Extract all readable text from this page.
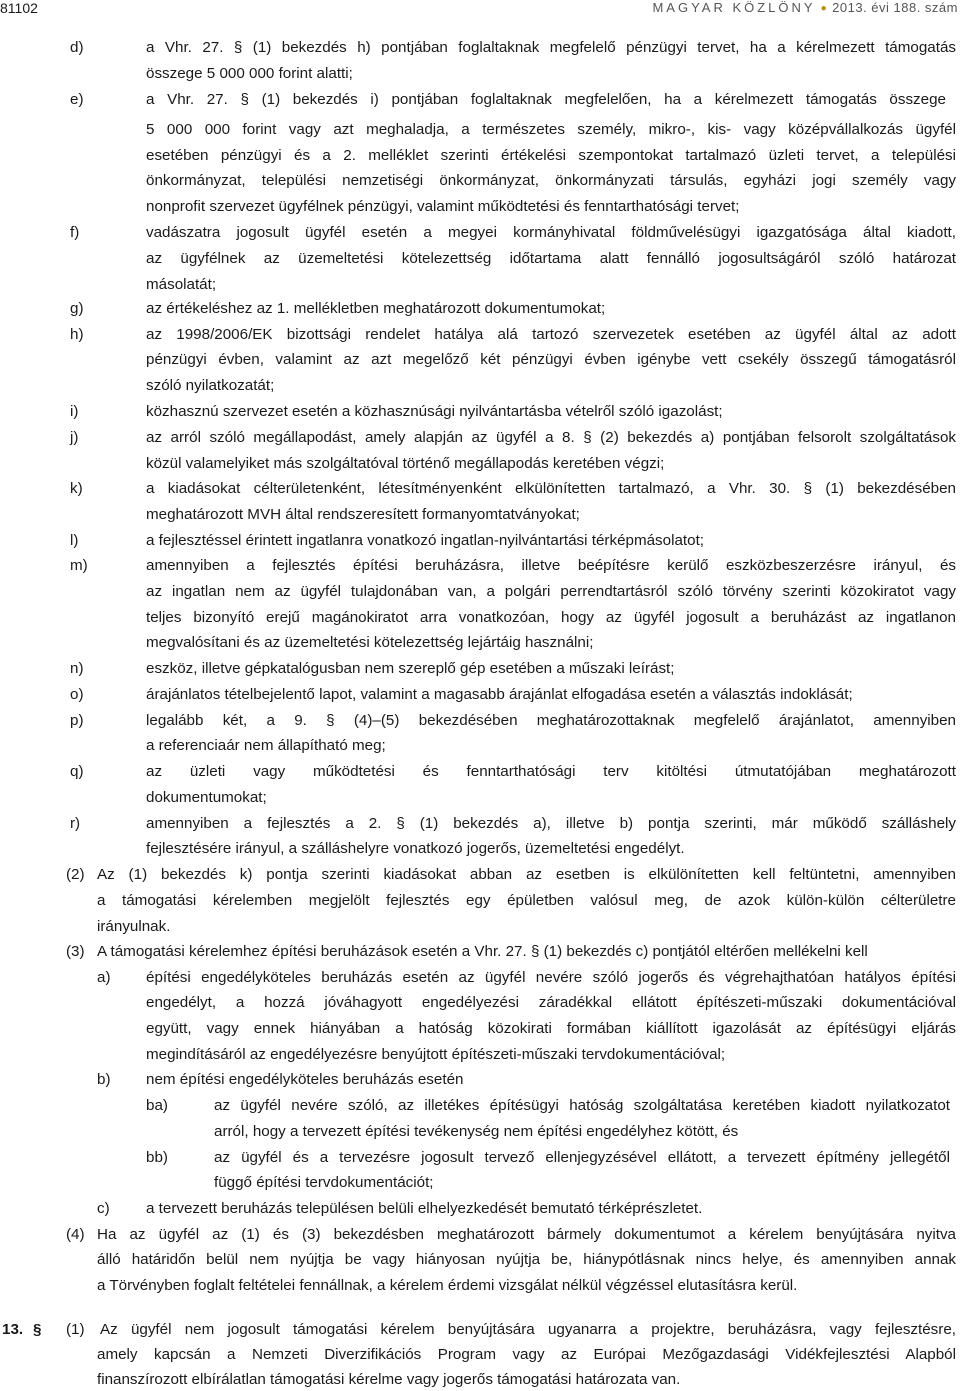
81102	MAGYAR KÖZLÖNY ● 2013. évi 188. szám
d)	a Vhr. 27. § (1) bekezdés h) pontjában foglaltaknak megfelelő pénzügyi tervet, ha a kérelmezett támogatás
összege 5 000 000 forint alatti;
e)	a Vhr. 27. § (1) bekezdés i) pontjában foglaltaknak megfelelően, ha a kérelmezett támogatás összege
5 000 000 forint vagy azt meghaladja, a természetes személy, mikro-, kis- vagy középvállalkozás ügyfél
esetében pénzügyi és a 2. melléklet szerinti értékelési szempontokat tartalmazó üzleti tervet, a települési
önkormányzat, települési nemzetiségi önkormányzat, önkormányzati társulás, egyházi jogi személy vagy
nonprofit szervezet ügyfélnek pénzügyi, valamint működtetési és fenntarthatósági tervet;
f)	vadászatra jogosult ügyfél esetén a megyei kormányhivatal földművelésügyi igazgatósága által kiadott,
az ügyfélnek az üzemeltetési kötelezettség időtartama alatt fennálló jogosultságáról szóló határozat
másolatát;
g)	az értékeléshez az 1. mellékletben meghatározott dokumentumokat;
h)	az 1998/2006/EK bizottsági rendelet hatálya alá tartozó szervezetek esetében az ügyfél által az adott
pénzügyi évben, valamint az azt megelőző két pénzügyi évben igénybe vett csekély összegű támogatásról
szóló nyilatkozatát;
i)	közhasznú szervezet esetén a közhasznúsági nyilvántartásba vételről szóló igazolást;
j)	az arról szóló megállapodást, amely alapján az ügyfél a 8. § (2) bekezdés a) pontjában felsorolt szolgáltatások
közül valamelyiket más szolgáltatóval történő megállapodás keretében végzi;
k)	a kiadásokat célterületenként, létesítményenként elkülönítetten tartalmazó, a Vhr. 30. § (1) bekezdésében
meghatározott MVH által rendszeresített formanyomtatványokat;
l)	a fejlesztéssel érintett ingatlanra vonatkozó ingatlan-nyilvántartási térképmásolatot;
m)	amennyiben a fejlesztés építési beruházásra, illetve beépítésre kerülő eszközbeszerzésre irányul, és
az ingatlan nem az ügyfél tulajdonában van, a polgári perrendtartásról szóló törvény szerinti közokiratot vagy
teljes bizonyító erejű magánokiratot arra vonatkozóan, hogy az ügyfél jogosult a beruházást az ingatlanon
megvalósítani és az üzemeltetési kötelezettség lejártáig használni;
n)	eszköz, illetve gépkatalógusban nem szereplő gép esetében a műszaki leírást;
o)	árajánlatos tételbejelentő lapot, valamint a magasabb árajánlat elfogadása esetén a választás indoklását;
p)	legalább két, a 9. § (4)–(5) bekezdésében meghatározottaknak megfelelő árajánlatot, amennyiben
a referenciaár nem állapítható meg;
q)	az üzleti vagy működtetési és fenntarthatósági terv kitöltési útmutatójában meghatározott
dokumentumokat;
r)	amennyiben a fejlesztés a 2. § (1) bekezdés a), illetve b) pontja szerinti, már működő szálláshely
fejlesztésére irányul, a szálláshelyre vonatkozó jogerős, üzemeltetési engedélyt.
(2) Az (1) bekezdés k) pontja szerinti kiadásokat abban az esetben is elkülönítetten kell feltüntetni, amennyiben
a támogatási kérelemben megjelölt fejlesztés egy épületben valósul meg, de azok külön-külön célterületre
irányulnak.
(3) A támogatási kérelemhez építési beruházások esetén a Vhr. 27. § (1) bekezdés c) pontjától eltérően mellékelni kell
a) építési engedélyköteles beruházás esetén az ügyfél nevére szóló jogerős és végrehajthatóan hatályos építési
engedélyt, a hozzá jóváhagyott engedélyezési záradékkal ellátott építészeti-műszaki dokumentációval
együtt, vagy ennek hiányában a hatóság közokirati formában kiállított igazolását az építésügyi eljárás
megindításáról az engedélyezésre benyújtott építészeti-műszaki tervdokumentációval;
b) nem építési engedélyköteles beruházás esetén
ba)	az ügyfél nevére szóló, az illetékes építésügyi hatóság szolgáltatása keretében kiadott nyilatkozatot
arról, hogy a tervezett építési tevékenység nem építési engedélyhez kötött, és
bb)	az ügyfél és a tervezésre jogosult tervező ellenjegyzésével ellátott, a tervezett építmény jellegétől
függő építési tervdokumentációt;
c) a tervezett beruházás településen belüli elhelyezkedését bemutató térképrészletet.
(4) Ha az ügyfél az (1) és (3) bekezdésben meghatározott bármely dokumentumot a kérelem benyújtására nyitva
álló határidőn belül nem nyújtja be vagy hiányosan nyújtja be, hiánypótlásnak nincs helye, és amennyiben annak
a Törvényben foglalt feltételei fennállnak, a kérelem érdemi vizsgálat nélkül végzéssel elutasításra kerül.
13. § (1) Az ügyfél nem jogosult támogatási kérelem benyújtására ugyanarra a projektre, beruházásra, vagy fejlesztésre,
amely kapcsán a Nemzeti Diverzifikációs Program vagy az Európai Mezőgazdasági Vidékfejlesztési Alapból
finanszírozott elbírálatlan támogatási kérelme vagy jogerős támogatási határozata van.
